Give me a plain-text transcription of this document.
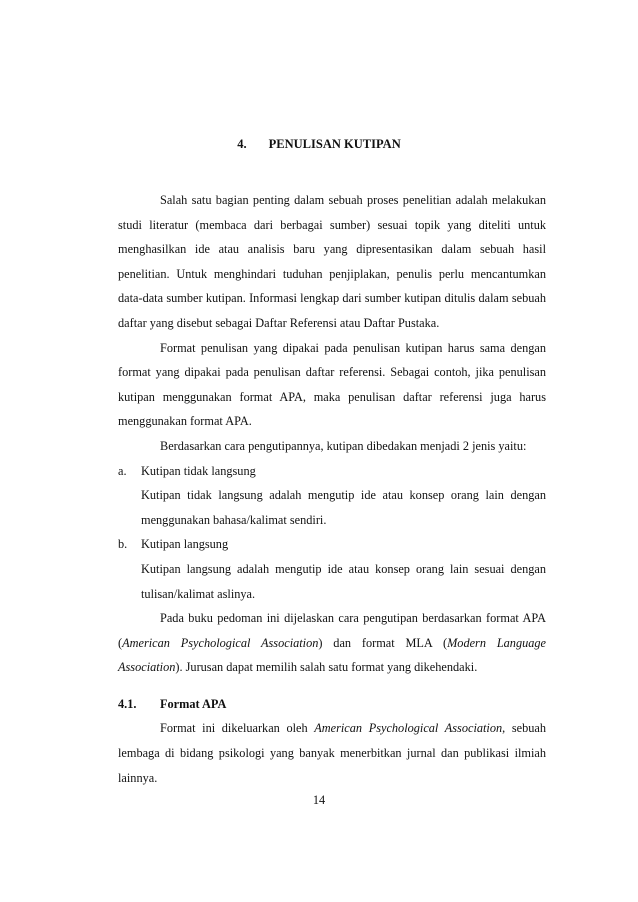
4. PENULISAN KUTIPAN

Salah satu bagian penting dalam sebuah proses penelitian adalah melakukan studi literatur (membaca dari berbagai sumber) sesuai topik yang diteliti untuk menghasilkan ide atau analisis baru yang dipresentasikan dalam sebuah hasil penelitian. Untuk menghindari tuduhan penjiplakan, penulis perlu mencantumkan data-data sumber kutipan. Informasi lengkap dari sumber kutipan ditulis dalam sebuah daftar yang disebut sebagai Daftar Referensi atau Daftar Pustaka.

Format penulisan yang dipakai pada penulisan kutipan harus sama dengan format yang dipakai pada penulisan daftar referensi. Sebagai contoh, jika penulisan kutipan menggunakan format APA, maka penulisan daftar referensi juga harus menggunakan format APA.

Berdasarkan cara pengutipannya, kutipan dibedakan menjadi 2 jenis yaitu:

a.	Kutipan tidak langsung

Kutipan tidak langsung adalah mengutip ide atau konsep orang lain dengan menggunakan bahasa/kalimat sendiri.

b.	Kutipan langsung

Kutipan langsung adalah mengutip ide atau konsep orang lain sesuai dengan tulisan/kalimat aslinya.

Pada buku pedoman ini dijelaskan cara pengutipan berdasarkan format APA (American Psychological Association) dan format MLA (Modern Language Association). Jurusan dapat memilih salah satu format yang dikehendaki.

4.1.	Format APA

Format ini dikeluarkan oleh American Psychological Association, sebuah lembaga di bidang psikologi yang banyak menerbitkan jurnal dan publikasi ilmiah lainnya.

14
